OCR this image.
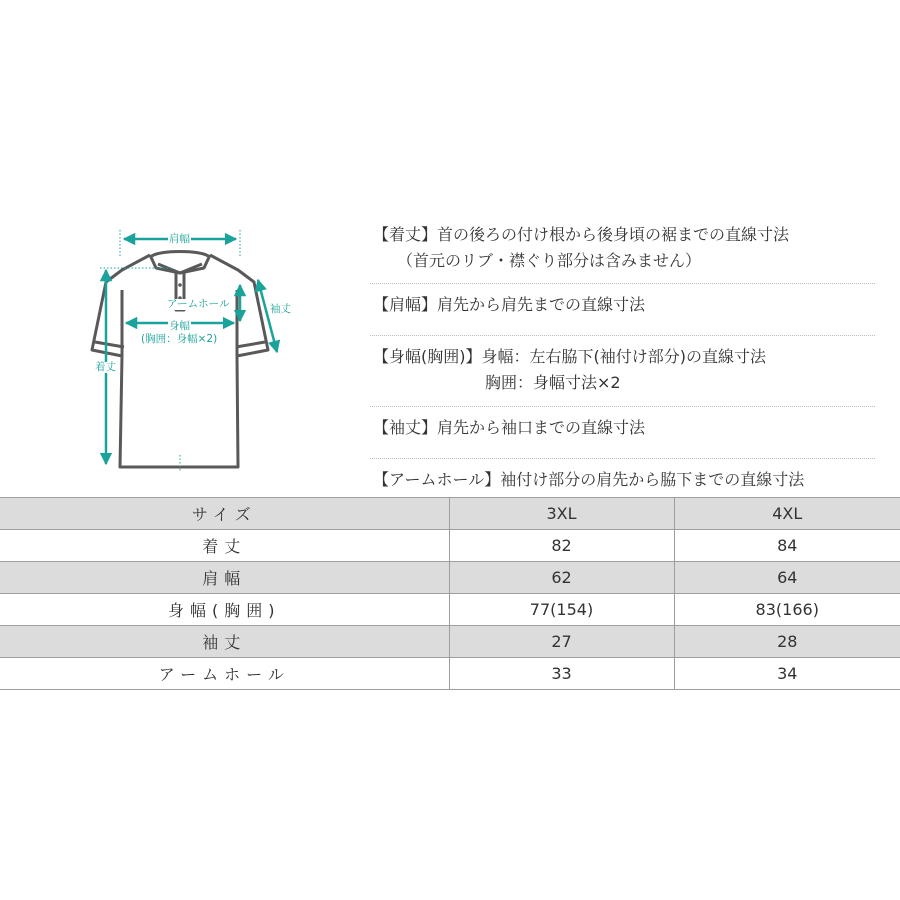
肩幅
袖丈
アームホール
身幅
(胸囲：身幅×2)
着丈
【着丈】首の後ろの付け根から後身頃の裾までの直線寸法
　　（首元のリブ・襟ぐり部分は含みません）
【肩幅】肩先から肩先までの直線寸法
【身幅(胸囲)】身幅：左右脇下(袖付け部分)の直線寸法
　　　　　　　胸囲：身幅寸法×2
【袖丈】肩先から袖口までの直線寸法
【アームホール】袖付け部分の肩先から脇下までの直線寸法
サイズ	3XL	4XL
着丈	82	84
肩幅	62	64
身幅(胸囲)	77(154)	83(166)
袖丈	27	28
アームホール	33	34
